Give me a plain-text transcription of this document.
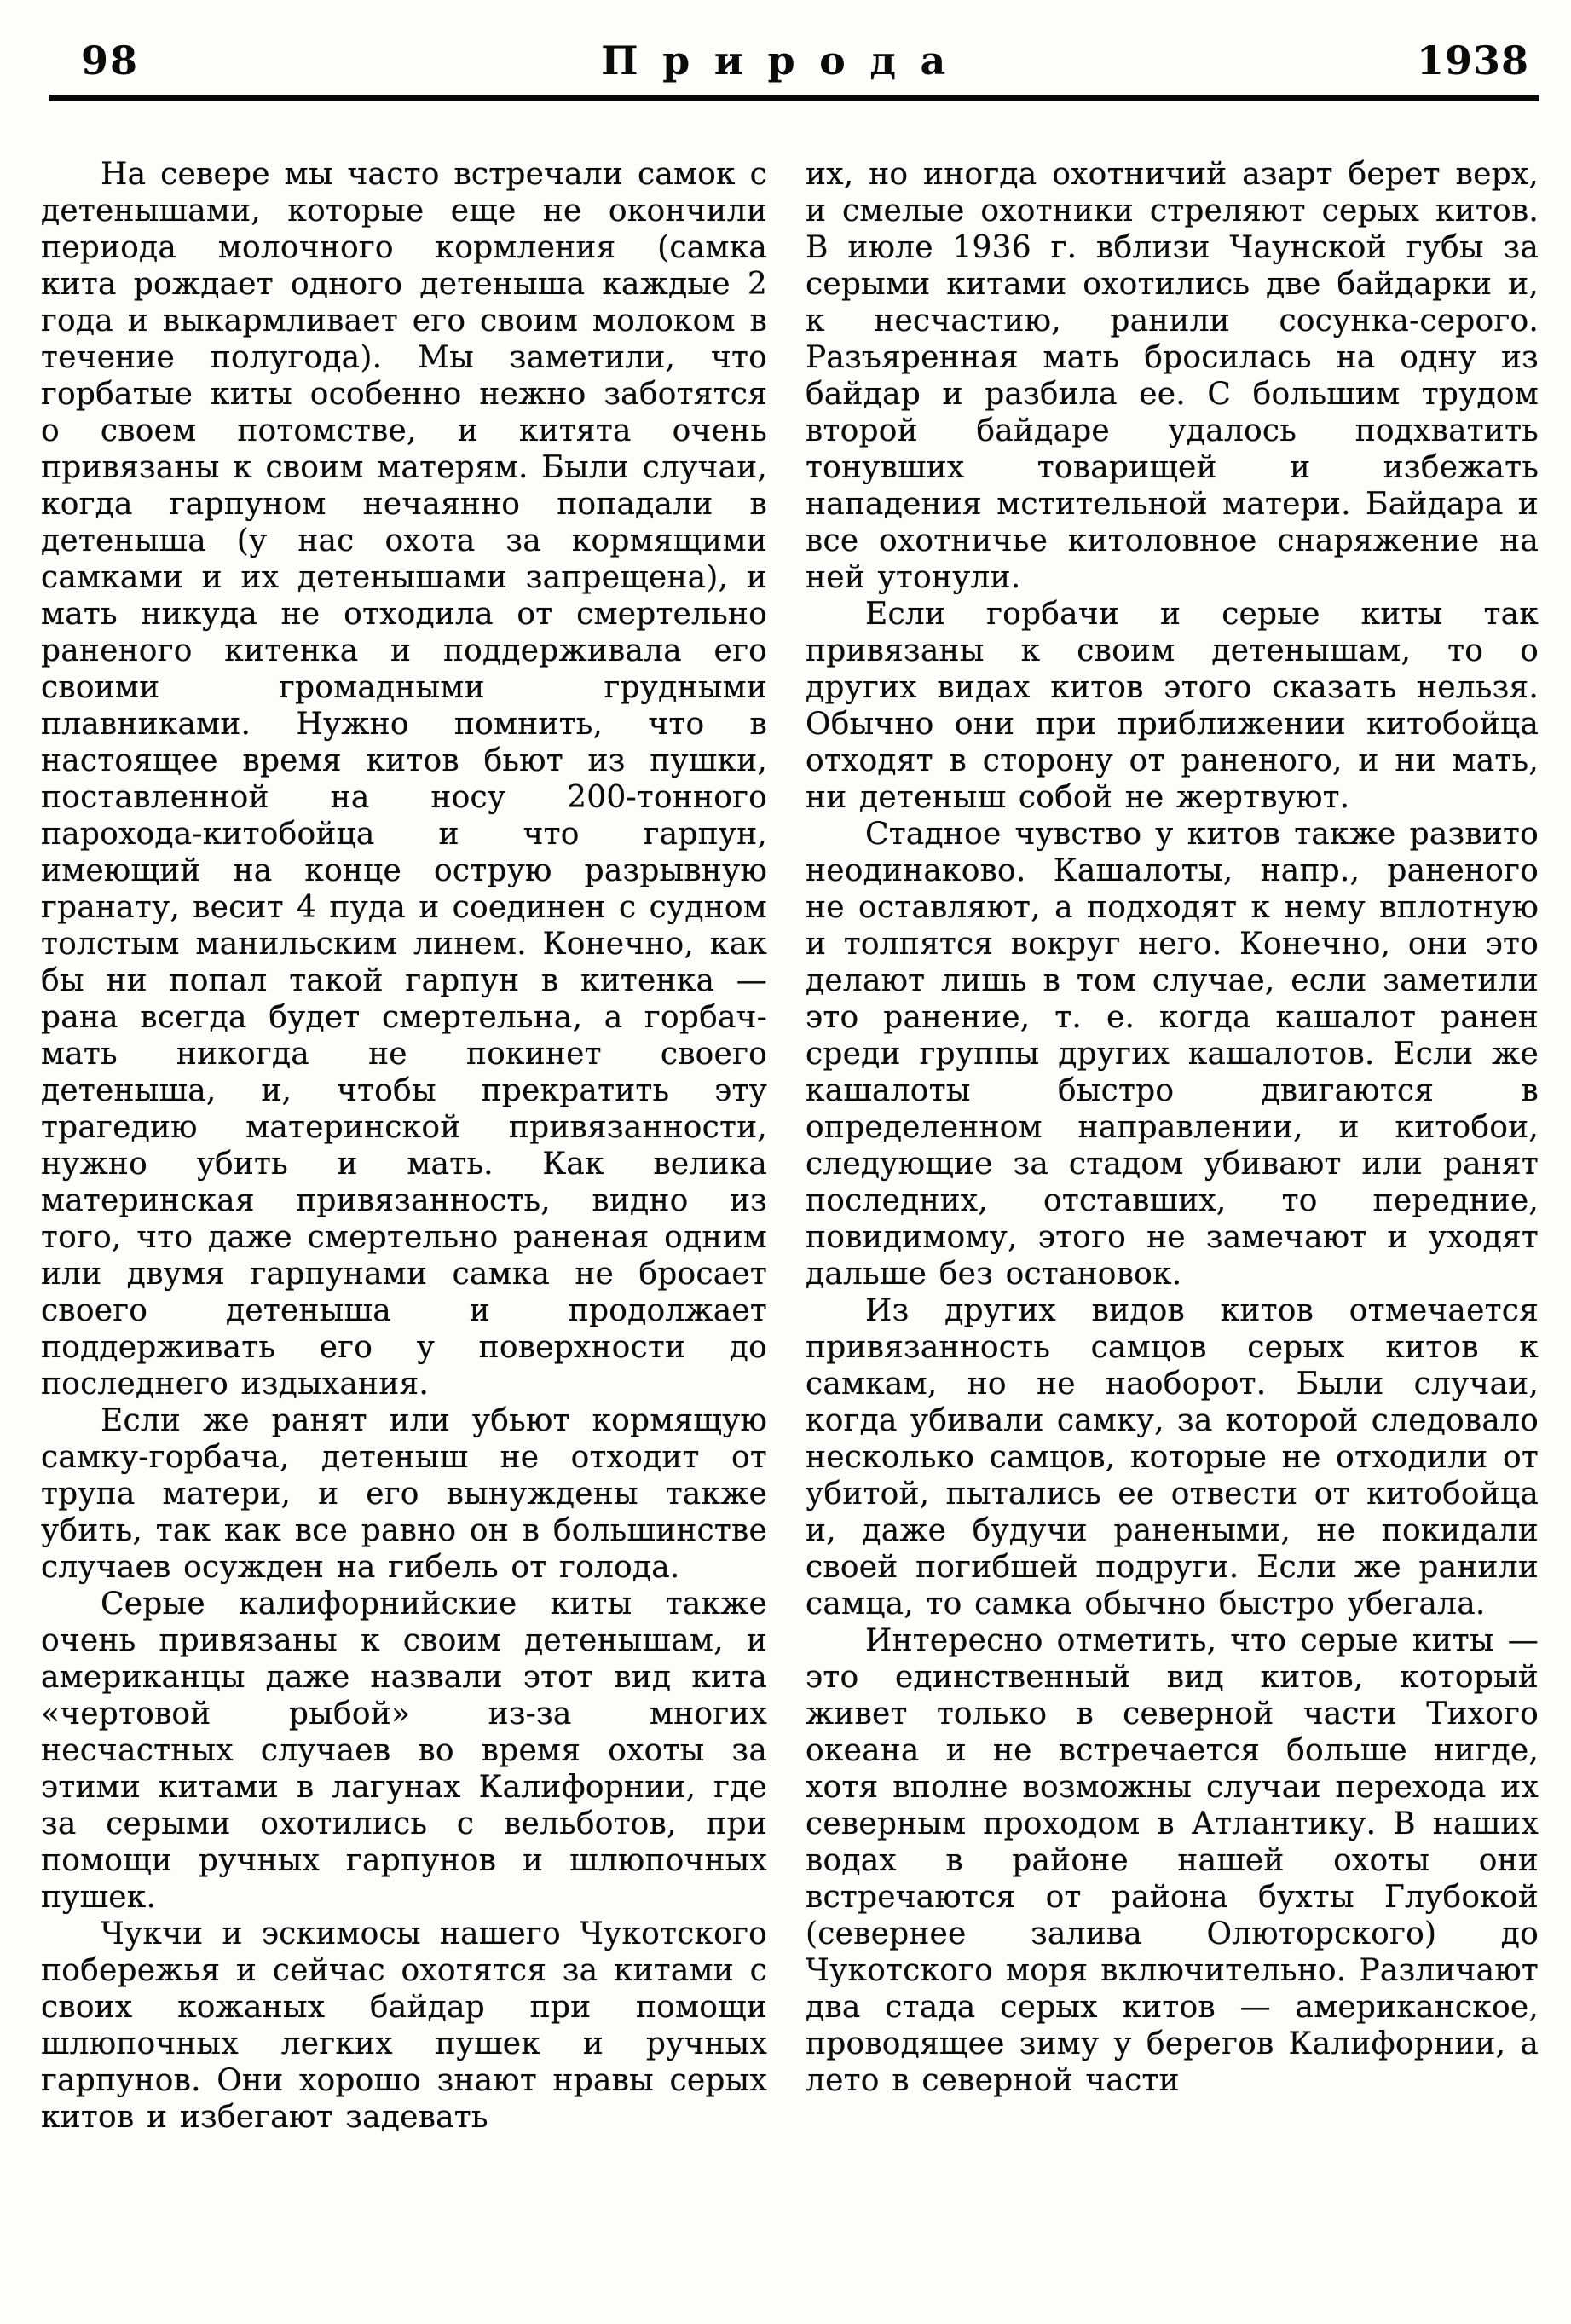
98	Природа	1938

На севере мы часто встречали самок с детенышами, которые еще не окончили периода молочного кормления (самка кита рождает одного детеныша каждые 2 года и выкармливает его своим молоком в течение полугода). Мы заметили, что горбатые киты особенно нежно заботятся о своем потомстве, и китята очень привязаны к своим матерям. Были случаи, когда гарпуном нечаянно попадали в детеныша (у нас охота за кормящими самками и их детенышами запрещена), и мать никуда не отходила от смертельно раненого китенка и поддерживала его своими громадными грудными плавниками. Нужно помнить, что в настоящее время китов бьют из пушки, поставленной на носу 200-тонного парохода-китобойца и что гарпун, имеющий на конце острую разрывную гранату, весит 4 пуда и соединен с судном толстым манильским линем. Конечно, как бы ни попал такой гарпун в китенка — рана всегда будет смертельна, а горбач-мать никогда не покинет своего детеныша, и, чтобы прекратить эту трагедию материнской привязанности, нужно убить и мать. Как велика материнская привязанность, видно из того, что даже смертельно раненая одним или двумя гарпунами самка не бросает своего детеныша и продолжает поддерживать его у поверхности до последнего издыхания.

Если же ранят или убьют кормящую самку-горбача, детеныш не отходит от трупа матери, и его вынуждены также убить, так как все равно он в большинстве случаев осужден на гибель от голода.

Серые калифорнийские киты также очень привязаны к своим детенышам, и американцы даже назвали этот вид кита «чертовой рыбой» из-за многих несчастных случаев во время охоты за этими китами в лагунах Калифорнии, где за серыми охотились с вельботов, при помощи ручных гарпунов и шлюпочных пушек.

Чукчи и эскимосы нашего Чукотского побережья и сейчас охотятся за китами с своих кожаных байдар при помощи шлюпочных легких пушек и ручных гарпунов. Они хорошо знают нравы серых китов и избегают задевать

их, но иногда охотничий азарт берет верх, и смелые охотники стреляют серых китов. В июле 1936 г. вблизи Чаунской губы за серыми китами охотились две байдарки и, к несчастию, ранили сосунка-серого. Разъяренная мать бросилась на одну из байдар и разбила ее. С большим трудом второй байдаре удалось подхватить тонувших товарищей и избежать нападения мстительной матери. Байдара и все охотничье китоловное снаряжение на ней утонули.

Если горбачи и серые киты так привязаны к своим детенышам, то о других видах китов этого сказать нельзя. Обычно они при приближении китобойца отходят в сторону от раненого, и ни мать, ни детеныш собой не жертвуют.

Стадное чувство у китов также развито неодинаково. Кашалоты, напр., раненого не оставляют, а подходят к нему вплотную и толпятся вокруг него. Конечно, они это делают лишь в том случае, если заметили это ранение, т. е. когда кашалот ранен среди группы других кашалотов. Если же кашалоты быстро двигаются в определенном направлении, и китобои, следующие за стадом убивают или ранят последних, отставших, то передние, повидимому, этого не замечают и уходят дальше без остановок.

Из других видов китов отмечается привязанность самцов серых китов к самкам, но не наоборот. Были случаи, когда убивали самку, за которой следовало несколько самцов, которые не отходили от убитой, пытались ее отвести от китобойца и, даже будучи ранеными, не покидали своей погибшей подруги. Если же ранили самца, то самка обычно быстро убегала.

Интересно отметить, что серые киты — это единственный вид китов, который живет только в северной части Тихого океана и не встречается больше нигде, хотя вполне возможны случаи перехода их северным проходом в Атлантику. В наших водах в районе нашей охоты они встречаются от района бухты Глубокой (севернее залива Олюторского) до Чукотского моря включительно. Различают два стада серых китов — американское, проводящее зиму у берегов Калифорнии, а лето в северной части
